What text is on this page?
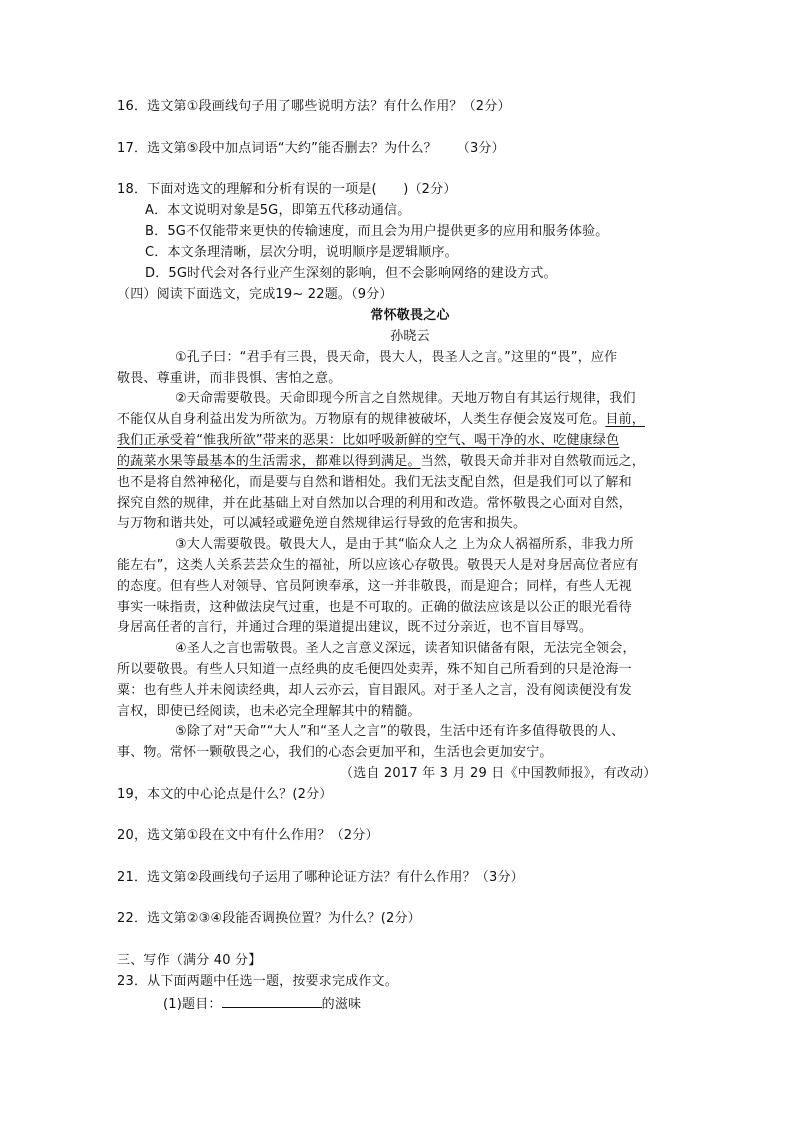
16．选文第①段画线句子用了哪些说明方法？有什么作用？（2分）
17．选文第⑤段中加点词语“大约”能否删去？为什么？　　（3分）
18．下面对选文的理解和分析有误的一项是(　　)（2分）
A．本文说明对象是5G，即第五代移动通信。
B．5G不仅能带来更快的传输速度，而且会为用户提供更多的应用和服务体验。
C．本文条理清晰，层次分明，说明顺序是逻辑顺序。
D．5G时代会对各行业产生深刻的影响，但不会影响网络的建设方式。
（四）阅读下面选文，完成19~ 22题。（9分）
常怀敬畏之心
孙晓云
①孔子曰：“君手有三畏，畏天命，畏大人，畏圣人之言。”这里的“畏”，应作
敬畏、尊重讲，而非畏惧、害怕之意。
②天命需要敬畏。天命即现今所言之自然规律。天地万物自有其运行规律，我们
不能仅从自身利益出发为所欲为。万物原有的规律被破坏，人类生存便会岌岌可危。目前，
我们正承受着“惟我所欲”带来的恶果：比如呼吸新鲜的空气、喝干净的水、吃健康绿色
的蔬菜水果等最基本的生活需求，都难以得到满足。当然，敬畏天命并非对自然敬而远之，
也不是将自然神秘化，而是要与自然和谐相处。我们无法支配自然，但是我们可以了解和
探究自然的规律，并在此基础上对自然加以合理的利用和改造。常怀敬畏之心面对自然，
与万物和谐共处，可以减轻或避免逆自然规律运行导致的危害和损失。
③大人需要敬畏。敬畏大人，是由于其“临众人之 上为众人祸福所系，非我力所
能左右”，这类人关系芸芸众生的福祉，所以应该心存敬畏。敬畏天人是对身居高位者应有
的态度。但有些人对领导、官员阿谀奉承，这一并非敬畏，而是迎合；同样，有些人无视
事实一味指责，这种做法戾气过重，也是不可取的。正确的做法应该是以公正的眼光看待
身居高任者的言行，并通过合理的渠道提出建议，既不过分亲近，也不盲目辱骂。
④圣人之言也需敬畏。圣人之言意义深远，读者知识储备有限，无法完全领会，
所以要敬畏。有些人只知道一点经典的皮毛便四处卖弄，殊不知自己所看到的只是沧海一
粟：也有些人并未阅读经典，却人云亦云，盲目跟风。对于圣人之言，没有阅读便没有发
言权，即使已经阅读，也未必完全理解其中的精髓。
⑤除了对“天命”“大人”和“圣人之言”的敬畏，生活中还有许多值得敬畏的人、
事、物。常怀一颗敬畏之心，我们的心态会更加平和，生活也会更加安宁。
（选自 2017 年 3 月 29 日《中国教师报》，有改动）
19，本文的中心论点是什么？(2分）
20，选文第①段在文中有什么作用？（2分）
21．选文第②段画线句子运用了哪种论证方法？有什么作用？（3分）
22．选文第②③④段能否调换位置？为什么？(2分）
三、写作（满分 40 分】
23．从下面两题中任选一题，按要求完成作文。
(1)题目：	的滋味
